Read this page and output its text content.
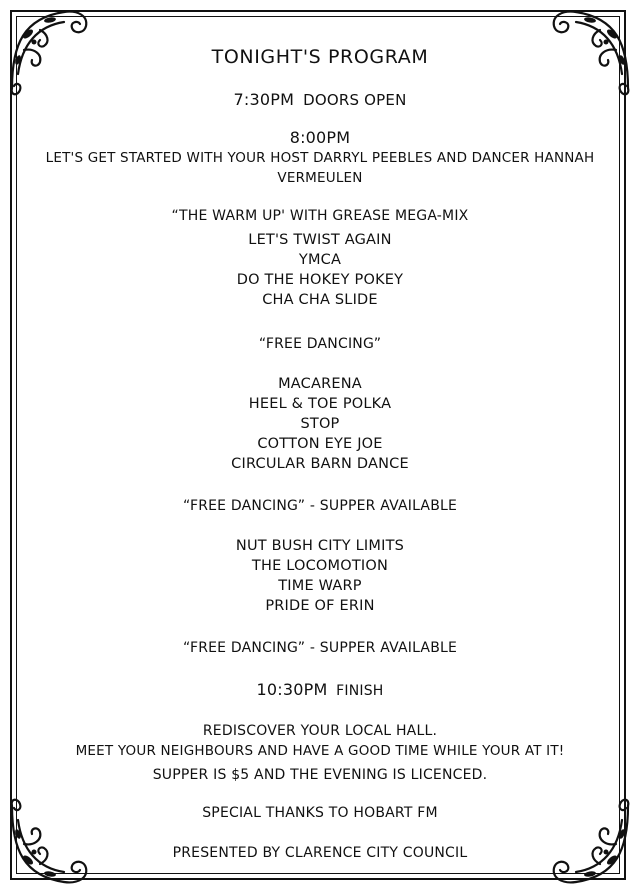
TONIGHT'S PROGRAM
7:30PM DOORS OPEN
8:00PM
LET'S GET STARTED WITH YOUR HOST DARRYL PEEBLES AND DANCER HANNAH VERMEULEN
“THE WARM UP' WITH GREASE MEGA-MIX
LET'S TWIST AGAIN
YMCA
DO THE HOKEY POKEY
CHA CHA SLIDE
“FREE DANCING”
MACARENA
HEEL & TOE POLKA
STOP
COTTON EYE JOE
CIRCULAR BARN DANCE
“FREE DANCING” - SUPPER AVAILABLE
NUT BUSH CITY LIMITS
THE LOCOMOTION
TIME WARP
PRIDE OF ERIN
“FREE DANCING” - SUPPER AVAILABLE
10:30PM FINISH
REDISCOVER YOUR LOCAL HALL.
MEET YOUR NEIGHBOURS AND HAVE A GOOD TIME WHILE YOUR AT IT!
SUPPER IS $5 AND THE EVENING IS LICENCED.
SPECIAL THANKS TO HOBART FM
PRESENTED BY CLARENCE CITY COUNCIL
